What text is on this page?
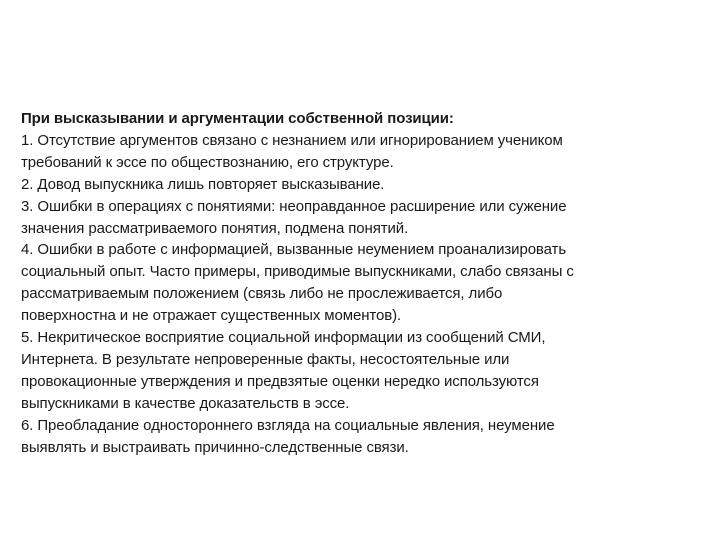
При высказывании и аргументации собственной позиции:

1. Отсутствие аргументов связано с незнанием или игнорированием учеником

требований к эссе по обществознанию, его структуре.

2. Довод выпускника лишь повторяет высказывание.

3. Ошибки в операциях с понятиями: неоправданное расширение или сужение

значения рассматриваемого понятия, подмена понятий.

4. Ошибки в работе с информацией, вызванные неумением проанализировать

социальный опыт. Часто примеры, приводимые выпускниками, слабо связаны с

рассматриваемым положением (связь либо не прослеживается, либо

поверхностна и не отражает существенных моментов).

5. Некритическое восприятие социальной информации из сообщений СМИ,

Интернета. В результате непроверенные факты, несостоятельные или

провокационные утверждения и предвзятые оценки нередко используются

выпускниками в качестве доказательств в эссе.

6. Преобладание одностороннего взгляда на социальные явления, неумение

выявлять и выстраивать причинно-следственные связи.
